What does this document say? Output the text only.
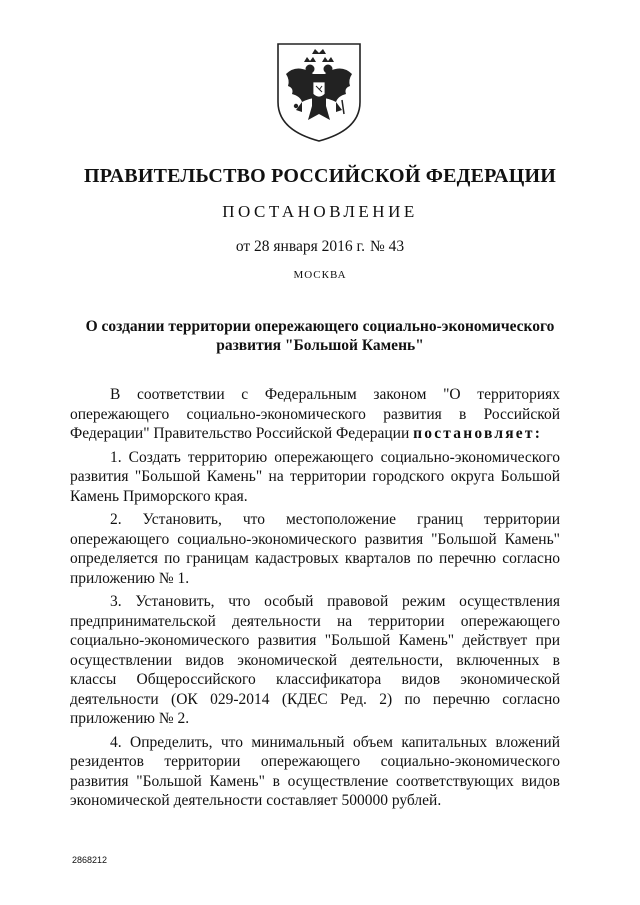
ПРАВИТЕЛЬСТВО РОССИЙСКОЙ ФЕДЕРАЦИИ
ПОСТАНОВЛЕНИЕ
от 28 января 2016 г. № 43
МОСКВА
О создании территории опережающего социально-экономического развития "Большой Камень"

В соответствии с Федеральным законом "О территориях опережающего социально-экономического развития в Российской Федерации" Правительство Российской Федерации постановляет:

1. Создать территорию опережающего социально-экономического развития "Большой Камень" на территории городского округа Большой Камень Приморского края.

2. Установить, что местоположение границ территории опережающего социально-экономического развития "Большой Камень" определяется по границам кадастровых кварталов по перечню согласно приложению № 1.

3. Установить, что особый правовой режим осуществления предпринимательской деятельности на территории опережающего социально-экономического развития "Большой Камень" действует при осуществлении видов экономической деятельности, включенных в классы Общероссийского классификатора видов экономической деятельности (ОК 029-2014 (КДЕС Ред. 2) по перечню согласно приложению № 2.

4. Определить, что минимальный объем капитальных вложений резидентов территории опережающего социально-экономического развития "Большой Камень" в осуществление соответствующих видов экономической деятельности составляет 500000 рублей.

2868212
